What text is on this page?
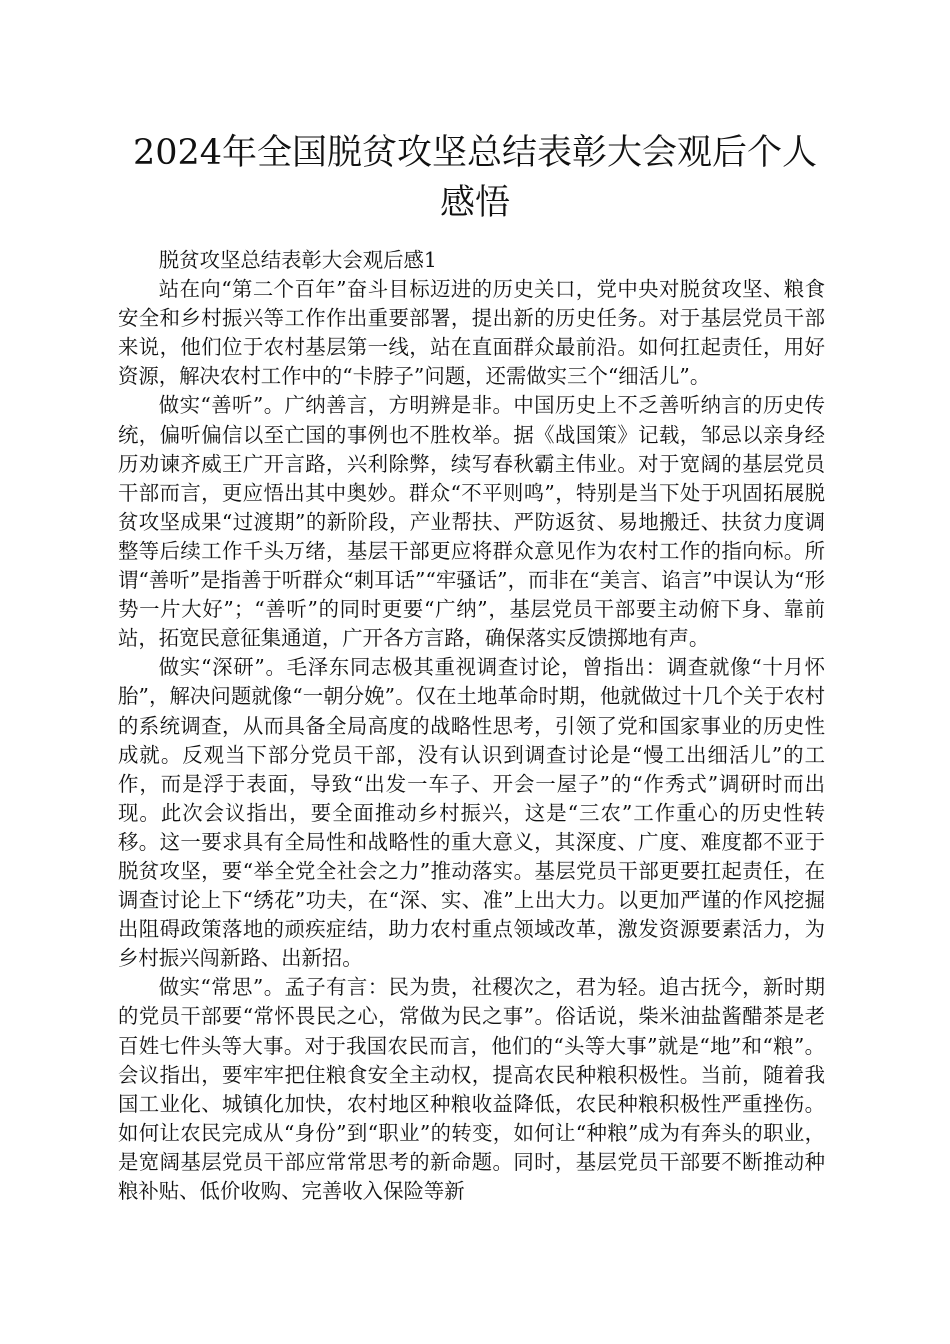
2024年全国脱贫攻坚总结表彰大会观后个人感悟

脱贫攻坚总结表彰大会观后感1

站在向“第二个百年”奋斗目标迈进的历史关口，党中央对脱贫攻坚、粮食安全和乡村振兴等工作作出重要部署，提出新的历史任务。对于基层党员干部来说，他们位于农村基层第一线，站在直面群众最前沿。如何扛起责任，用好资源，解决农村工作中的“卡脖子”问题，还需做实三个“细活儿”。

做实“善听”。广纳善言，方明辨是非。中国历史上不乏善听纳言的历史传统，偏听偏信以至亡国的事例也不胜枚举。据《战国策》记载，邹忌以亲身经历劝谏齐威王广开言路，兴利除弊，续写春秋霸主伟业。对于宽阔的基层党员干部而言，更应悟出其中奥妙。群众“不平则鸣”，特别是当下处于巩固拓展脱贫攻坚成果“过渡期”的新阶段，产业帮扶、严防返贫、易地搬迁、扶贫力度调整等后续工作千头万绪，基层干部更应将群众意见作为农村工作的指向标。所谓“善听”是指善于听群众“刺耳话”“牢骚话”，而非在“美言、谄言”中误认为“形势一片大好”；“善听”的同时更要“广纳”，基层党员干部要主动俯下身、靠前站，拓宽民意征集通道，广开各方言路，确保落实反馈掷地有声。

做实“深研”。毛泽东同志极其重视调查讨论，曾指出：调查就像“十月怀胎”，解决问题就像“一朝分娩”。仅在土地革命时期，他就做过十几个关于农村的系统调查，从而具备全局高度的战略性思考，引领了党和国家事业的历史性成就。反观当下部分党员干部，没有认识到调查讨论是“慢工出细活儿”的工作，而是浮于表面，导致“出发一车子、开会一屋子”的“作秀式”调研时而出现。此次会议指出，要全面推动乡村振兴，这是“三农”工作重心的历史性转移。这一要求具有全局性和战略性的重大意义，其深度、广度、难度都不亚于脱贫攻坚，要“举全党全社会之力”推动落实。基层党员干部更要扛起责任，在调查讨论上下“绣花”功夫，在“深、实、准”上出大力。以更加严谨的作风挖掘出阻碍政策落地的顽疾症结，助力农村重点领域改革，激发资源要素活力，为乡村振兴闯新路、出新招。

做实“常思”。孟子有言：民为贵，社稷次之，君为轻。追古抚今，新时期的党员干部要“常怀畏民之心，常做为民之事”。俗话说，柴米油盐酱醋茶是老百姓七件头等大事。对于我国农民而言，他们的“头等大事”就是“地”和“粮”。会议指出，要牢牢把住粮食安全主动权，提高农民种粮积极性。当前，随着我国工业化、城镇化加快，农村地区种粮收益降低，农民种粮积极性严重挫伤。如何让农民完成从“身份”到“职业”的转变，如何让“种粮”成为有奔头的职业，是宽阔基层党员干部应常常思考的新命题。同时，基层党员干部要不断推动种粮补贴、低价收购、完善收入保险等新
